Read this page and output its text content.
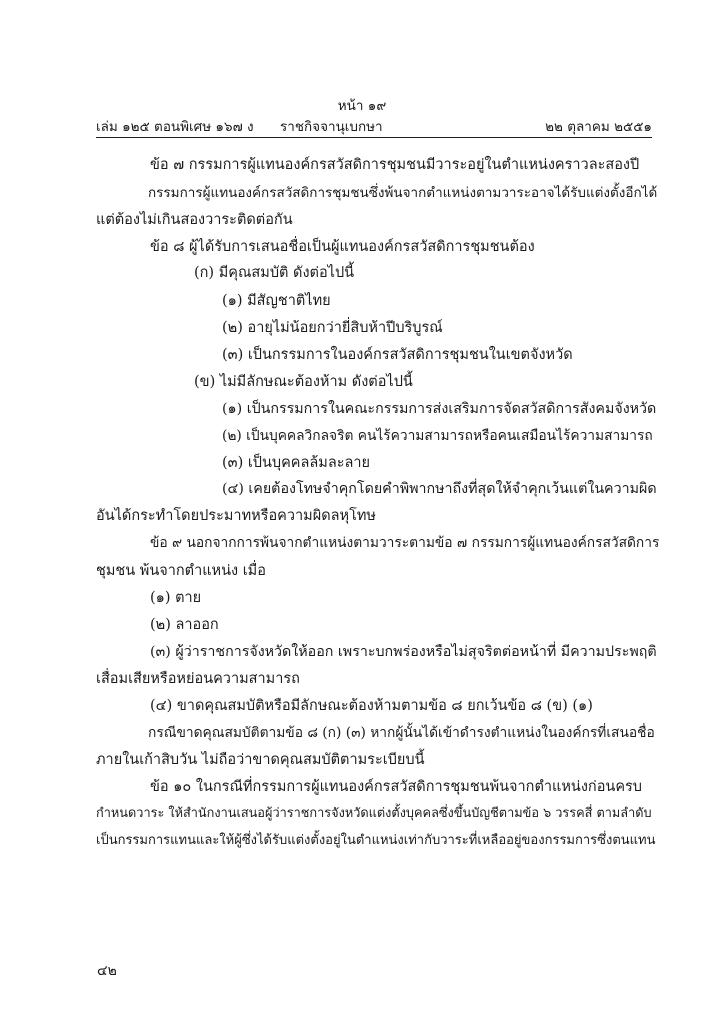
หน้า ๑๙
เล่ม ๑๒๕ ตอนพิเศษ ๑๖๗ ง ราชกิจจานุเบกษา	๒๒ ตุลาคม ๒๕๕๑
ข้อ ๗ กรรมการผู้แทนองค์กรสวัสดิการชุมชนมีวาระอยู่ในตำแหน่งคราวละสองปี
กรรมการผู้แทนองค์กรสวัสดิการชุมชนซึ่งพ้นจากตำแหน่งตามวาระอาจได้รับแต่งตั้งอีกได้
แต่ต้องไม่เกินสองวาระติดต่อกัน
ข้อ ๘ ผู้ได้รับการเสนอชื่อเป็นผู้แทนองค์กรสวัสดิการชุมชนต้อง
(ก) มีคุณสมบัติ ดังต่อไปนี้
(๑) มีสัญชาติไทย
(๒) อายุไม่น้อยกว่ายี่สิบห้าปีบริบูรณ์
(๓) เป็นกรรมการในองค์กรสวัสดิการชุมชนในเขตจังหวัด
(ข) ไม่มีลักษณะต้องห้าม ดังต่อไปนี้
(๑) เป็นกรรมการในคณะกรรมการส่งเสริมการจัดสวัสดิการสังคมจังหวัด
(๒) เป็นบุคคลวิกลจริต คนไร้ความสามารถหรือคนเสมือนไร้ความสามารถ
(๓) เป็นบุคคลล้มละลาย
(๔) เคยต้องโทษจำคุกโดยคำพิพากษาถึงที่สุดให้จำคุกเว้นแต่ในความผิด
อันได้กระทำโดยประมาทหรือความผิดลหุโทษ
ข้อ ๙ นอกจากการพ้นจากตำแหน่งตามวาระตามข้อ ๗ กรรมการผู้แทนองค์กรสวัสดิการ
ชุมชน พ้นจากตำแหน่ง เมื่อ
(๑) ตาย
(๒) ลาออก
(๓) ผู้ว่าราชการจังหวัดให้ออก เพราะบกพร่องหรือไม่สุจริตต่อหน้าที่ มีความประพฤติ
เสื่อมเสียหรือหย่อนความสามารถ
(๔) ขาดคุณสมบัติหรือมีลักษณะต้องห้ามตามข้อ ๘ ยกเว้นข้อ ๘ (ข) (๑)
กรณีขาดคุณสมบัติตามข้อ ๘ (ก) (๓) หากผู้นั้นได้เข้าดำรงตำแหน่งในองค์กรที่เสนอชื่อ
ภายในเก้าสิบวัน ไม่ถือว่าขาดคุณสมบัติตามระเบียบนี้
ข้อ ๑๐ ในกรณีที่กรรมการผู้แทนองค์กรสวัสดิการชุมชนพ้นจากตำแหน่งก่อนครบ
กำหนดวาระ ให้สำนักงานเสนอผู้ว่าราชการจังหวัดแต่งตั้งบุคคลซึ่งขึ้นบัญชีตามข้อ ๖ วรรคสี่ ตามลำดับ
เป็นกรรมการแทนและให้ผู้ซึ่งได้รับแต่งตั้งอยู่ในตำแหน่งเท่ากับวาระที่เหลืออยู่ของกรรมการซึ่งตนแทน
๔๒
